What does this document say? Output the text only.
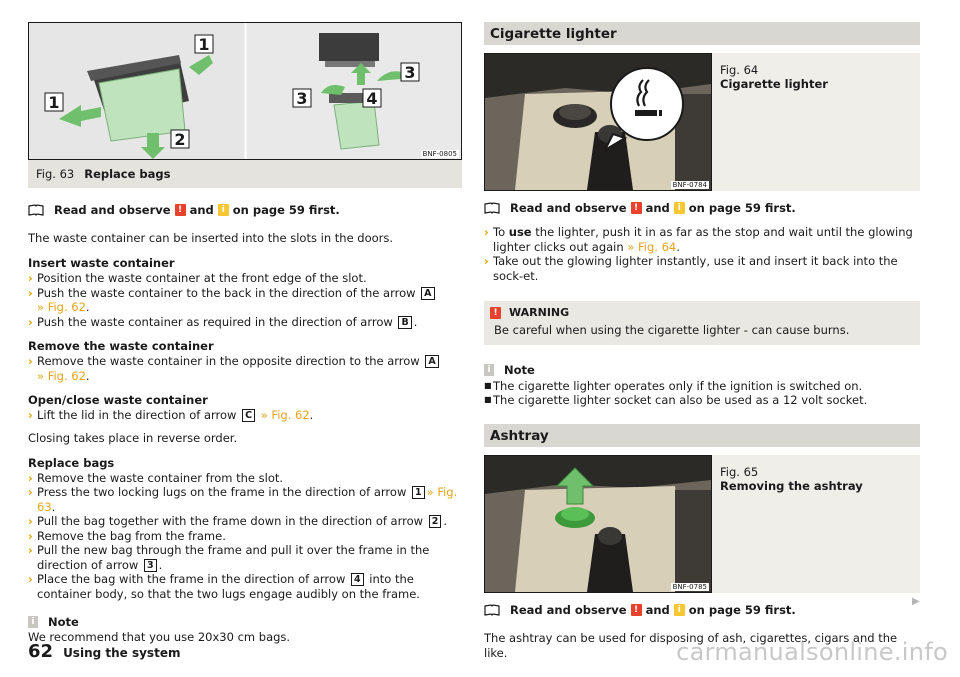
1
1
2
3
3	4
BNF-0805
Fig. 63 Replace bags
Read and observe ! and i on page 59 first.

The waste container can be inserted into the slots in the doors.

Insert waste container
› Position the waste container at the front edge of the slot.
› Push the waste container to the back in the direction of the arrow A
» Fig. 62.
› Push the waste container as required in the direction of arrow B .
Remove the waste container
› Remove the waste container in the opposite direction to the arrow A
» Fig. 62.
Open/close waste container
› Lift the lid in the direction of arrow C » Fig. 62.

Closing takes place in reverse order.

Replace bags
› Remove the waste container from the slot.
› Press the two locking lugs on the frame in the direction of arrow 1 » Fig. 63.
› Pull the bag together with the frame down in the direction of arrow 2 .
› Remove the bag from the frame.
› Pull the new bag through the frame and pull it over the frame in the direction of arrow 3 .
› Place the bag with the frame in the direction of arrow 4 into the container body, so that the two lugs engage audibly on the frame.
i	Note

We recommend that you use 20x30 cm bags.

Cigarette lighter
BNF-0784
Fig. 64
Cigarette lighter
Read and observe ! and i on page 59 first.
› To use the lighter, push it in as far as the stop and wait until the glowing lighter clicks out again » Fig. 64.
› Take out the glowing lighter instantly, use it and insert it back into the sock-et.
!	WARNING
Be careful when using the cigarette lighter - can cause burns.
i	Note
■ The cigarette lighter operates only if the ignition is switched on.
■ The cigarette lighter socket can also be used as a 12 volt socket.
Ashtray
BNF-0785
Fig. 65
Removing the ashtray
Read and observe ! and i on page 59 first.

The ashtray can be used for disposing of ash, cigarettes, cigars and the like.

▶
62 Using the system	carmanualsonline.info
